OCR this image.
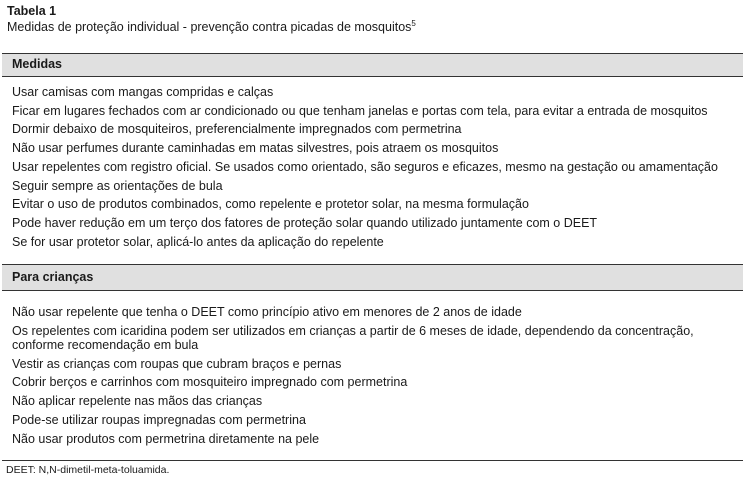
Tabela 1

Medidas de proteção individual - prevenção contra picadas de mosquitos$^5$

Medidas
Usar camisas com mangas compridas e calças
Ficar em lugares fechados com ar condicionado ou que tenham janelas e portas com tela, para evitar a entrada de mosquitos
Dormir debaixo de mosquiteiros, preferencialmente impregnados com permetrina
Não usar perfumes durante caminhadas em matas silvestres, pois atraem os mosquitos
Usar repelentes com registro oficial. Se usados como orientado, são seguros e eficazes, mesmo na gestação ou amamentação
Seguir sempre as orientações de bula
Evitar o uso de produtos combinados, como repelente e protetor solar, na mesma formulação
Pode haver redução em um terço dos fatores de proteção solar quando utilizado juntamente com o DEET
Se for usar protetor solar, aplicá-lo antes da aplicação do repelente
Para crianças
Não usar repelente que tenha o DEET como princípio ativo em menores de 2 anos de idade
Os repelentes com icaridina podem ser utilizados em crianças a partir de 6 meses de idade, dependendo da concentração, conforme recomendação em bula
Vestir as crianças com roupas que cubram braços e pernas
Cobrir berços e carrinhos com mosquiteiro impregnado com permetrina
Não aplicar repelente nas mãos das crianças
Pode-se utilizar roupas impregnadas com permetrina
Não usar produtos com permetrina diretamente na pele
DEET: N,N-dimetil-meta-toluamida.
